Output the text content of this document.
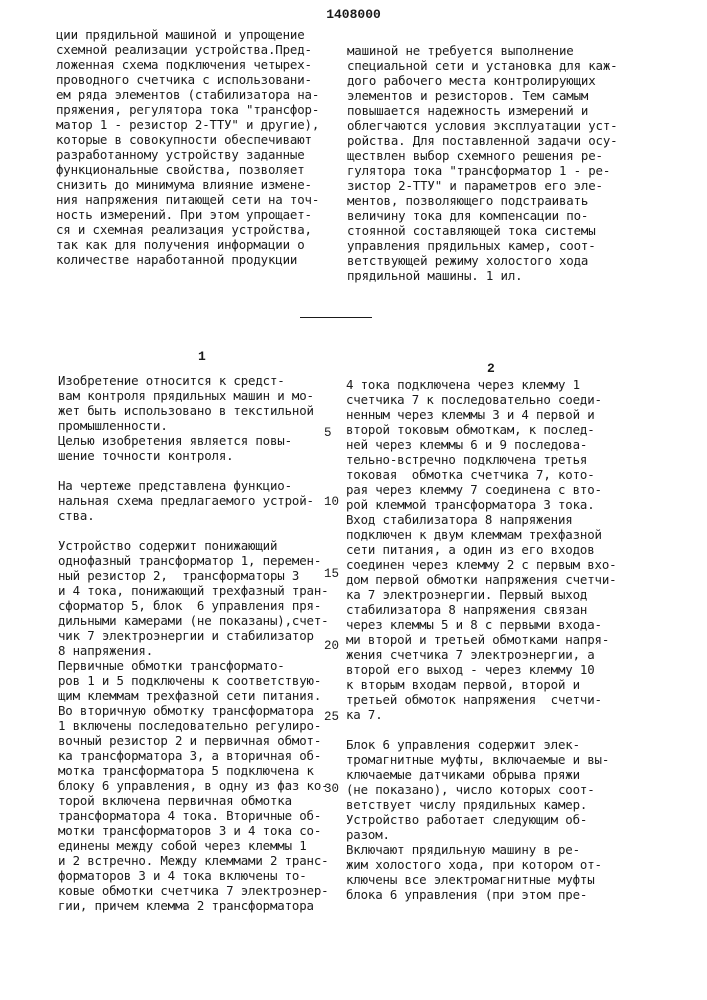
1408000
ции прядильной машиной и упрощение
схемной реализации устройства.Пред-
ложенная схема подключения четырех-
проводного счетчика с использовани-
ем ряда элементов (стабилизатора на-
пряжения, регулятора тока "трансфор-
матор 1 - резистор 2-ТТУ" и другие),
которые в совокупности обеспечивают
разработанному устройству заданные
функциональные свойства, позволяет
снизить до минимума влияние измене-
ния напряжения питающей сети на точ-
ность измерений. При этом упрощает-
ся и схемная реализация устройства,
так как для получения информации о
количестве наработанной продукции
машиной не требуется выполнение
специальной сети и установка для каж-
дого рабочего места контролирующих
элементов и резисторов. Тем самым
повышается надежность измерений и
облегчаются условия эксплуатации уст-
ройства. Для поставленной задачи осу-
ществлен выбор схемного решения ре-
гулятора тока "трансформатор 1 - ре-
зистор 2-ТТУ" и параметров его эле-
ментов, позволяющего подстраивать
величину тока для компенсации по-
стоянной составляющей тока системы
управления прядильных камер, соот-
ветствующей режиму холостого хода
прядильной машины. 1 ил.
1
2
Изобретение относится к средст-
вам контроля прядильных машин и мо-
жет быть использовано в текстильной
промышленности.
Целью изобретения является повы-
шение точности контроля.

На чертеже представлена функцио-
нальная схема предлагаемого устрой-
ства.

Устройство содержит понижающий
однофазный трансформатор 1, перемен-
ный резистор 2,  трансформаторы 3
и 4 тока, понижающий трехфазный тран-
сформатор 5, блок  6 управления пря-
дильными камерами (не показаны),счет-
чик 7 электроэнергии и стабилизатор
8 напряжения.
Первичные обмотки трансформато-
ров 1 и 5 подключены к соответствую-
щим клеммам трехфазной сети питания.
Во вторичную обмотку трансформатора
1 включены последовательно регулиро-
вочный резистор 2 и первичная обмот-
ка трансформатора 3, а вторичная об-
мотка трансформатора 5 подключена к
блоку 6 управления, в одну из фаз ко-
торой включена первичная обмотка
трансформатора 4 тока. Вторичные об-
мотки трансформаторов 3 и 4 тока со-
единены между собой через клеммы 1
и 2 встречно. Между клеммами 2 транс-
форматоров 3 и 4 тока включены то-
ковые обмотки счетчика 7 электроэнер-
гии, причем клемма 2 трансформатора
4 тока подключена через клемму 1
счетчика 7 к последовательно соеди-
ненным через клеммы 3 и 4 первой и
второй токовым обмоткам, к послед-
ней через клеммы 6 и 9 последова-
тельно-встречно подключена третья
токовая  обмотка счетчика 7, кото-
рая через клемму 7 соединена с вто-
рой клеммой трансформатора 3 тока.
Вход стабилизатора 8 напряжения
подключен к двум клеммам трехфазной
сети питания, а один из его входов
соединен через клемму 2 с первым вхо-
дом первой обмотки напряжения счетчи-
ка 7 электроэнергии. Первый выход
стабилизатора 8 напряжения связан
через клеммы 5 и 8 с первыми входа-
ми второй и третьей обмотками напря-
жения счетчика 7 электроэнергии, а
второй его выход - через клемму 10
к вторым входам первой, второй и
третьей обмоток напряжения  счетчи-
ка 7.

Блок 6 управления содержит элек-
тромагнитные муфты, включаемые и вы-
ключаемые датчиками обрыва пряжи
(не показано), число которых соот-
ветствует числу прядильных камер.
Устройство работает следующим об-
разом.
Включают прядильную машину в ре-
жим холостого хода, при котором от-
ключены все электромагнитные муфты
блока 6 управления (при этом пре-
5
10
15
20
25
30
